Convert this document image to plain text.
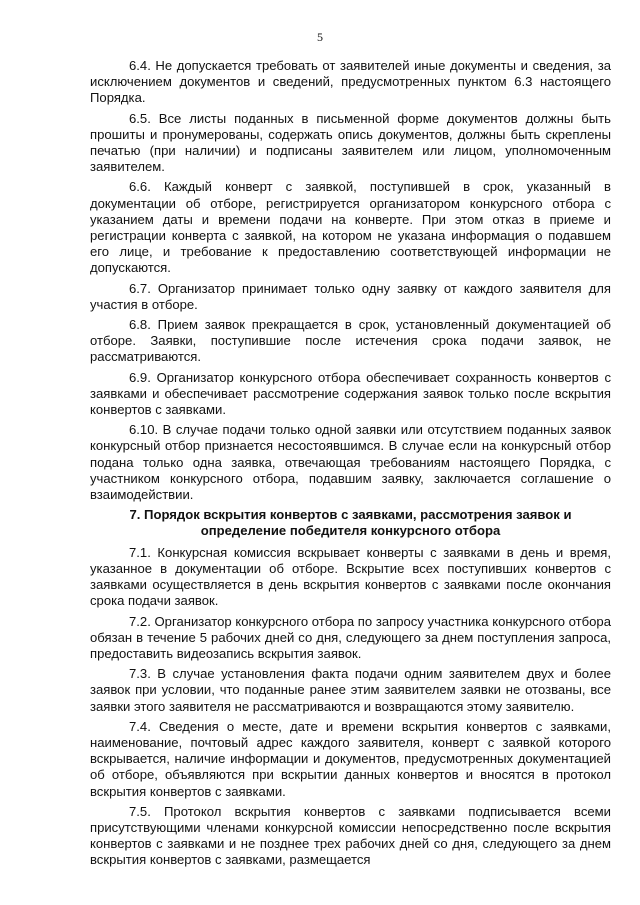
5

6.4. Не допускается требовать от заявителей иные документы и сведения, за исключением документов и сведений, предусмотренных пунктом 6.3 настоящего Порядка.

6.5. Все листы поданных в письменной форме документов должны быть прошиты и пронумерованы, содержать опись документов, должны быть скреплены печатью (при наличии) и подписаны заявителем или лицом, уполномоченным заявителем.

6.6. Каждый конверт с заявкой, поступившей в срок, указанный в документации об отборе, регистрируется организатором конкурсного отбора с указанием даты и времени подачи на конверте. При этом отказ в приеме и регистрации конверта с заявкой, на котором не указана информация о подавшем его лице, и требование к предоставлению соответствующей информации не допускаются.

6.7. Организатор принимает только одну заявку от каждого заявителя для участия в отборе.

6.8. Прием заявок прекращается в срок, установленный документацией об отборе. Заявки, поступившие после истечения срока подачи заявок, не рассматриваются.

6.9. Организатор конкурсного отбора обеспечивает сохранность конвертов с заявками и обеспечивает рассмотрение содержания заявок только после вскрытия конвертов с заявками.

6.10. В случае подачи только одной заявки или отсутствием поданных заявок конкурсный отбор признается несостоявшимся. В случае если на конкурсный отбор подана только одна заявка, отвечающая требованиям настоящего Порядка, с участником конкурсного отбора, подавшим заявку, заключается соглашение о взаимодействии.

7. Порядок вскрытия конвертов с заявками, рассмотрения заявок и определение победителя конкурсного отбора

7.1. Конкурсная комиссия вскрывает конверты с заявками в день и время, указанное в документации об отборе. Вскрытие всех поступивших конвертов с заявками осуществляется в день вскрытия конвертов с заявками после окончания срока подачи заявок.

7.2. Организатор конкурсного отбора по запросу участника конкурсного отбора обязан в течение 5 рабочих дней со дня, следующего за днем поступления запроса, предоставить видеозапись вскрытия заявок.

7.3. В случае установления факта подачи одним заявителем двух и более заявок при условии, что поданные ранее этим заявителем заявки не отозваны, все заявки этого заявителя не рассматриваются и возвращаются этому заявителю.

7.4. Сведения о месте, дате и времени вскрытия конвертов с заявками, наименование, почтовый адрес каждого заявителя, конверт с заявкой которого вскрывается, наличие информации и документов, предусмотренных документацией об отборе, объявляются при вскрытии данных конвертов и вносятся в протокол вскрытия конвертов с заявками.

7.5. Протокол вскрытия конвертов с заявками подписывается всеми присутствующими членами конкурсной комиссии непосредственно после вскрытия конвертов с заявками и не позднее трех рабочих дней со дня, следующего за днем вскрытия конвертов с заявками, размещается
